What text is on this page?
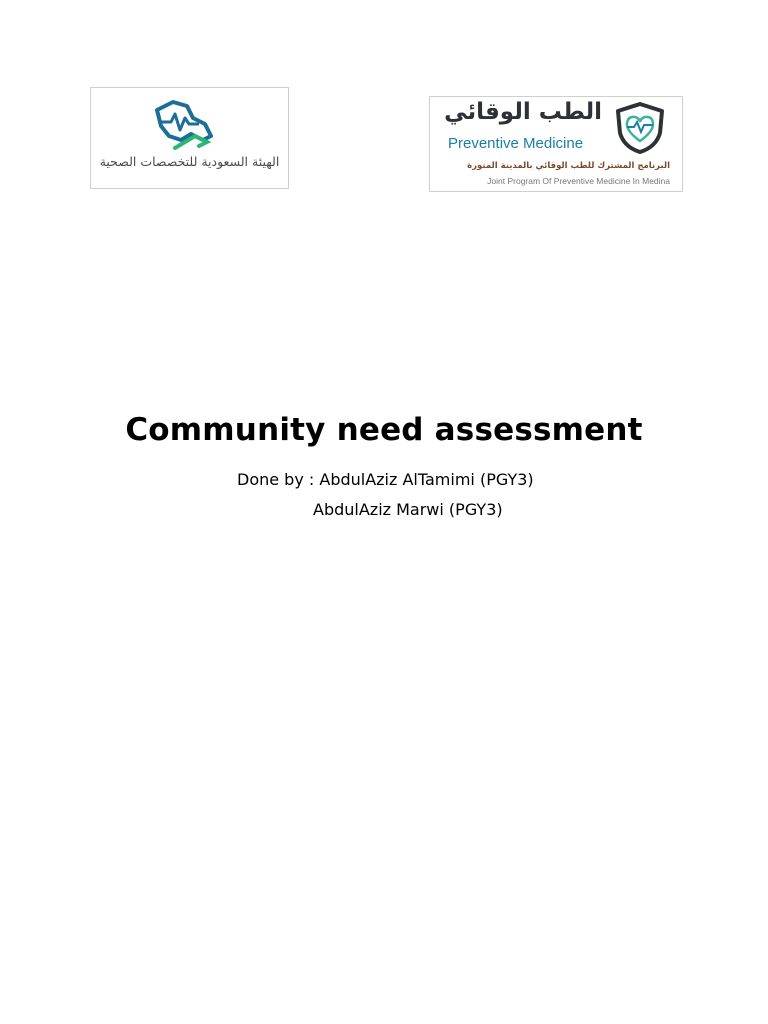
الهيئة السعودية للتخصصات الصحية
الطب الوقائي
Preventive Medicine
البرنامج المشترك للطب الوقائي بالمدينة المنورة
Joint Program Of Preventive Medicine In Medina
Community need assessment
Done by : AbdulAziz AlTamimi (PGY3)
AbdulAziz Marwi (PGY3)
